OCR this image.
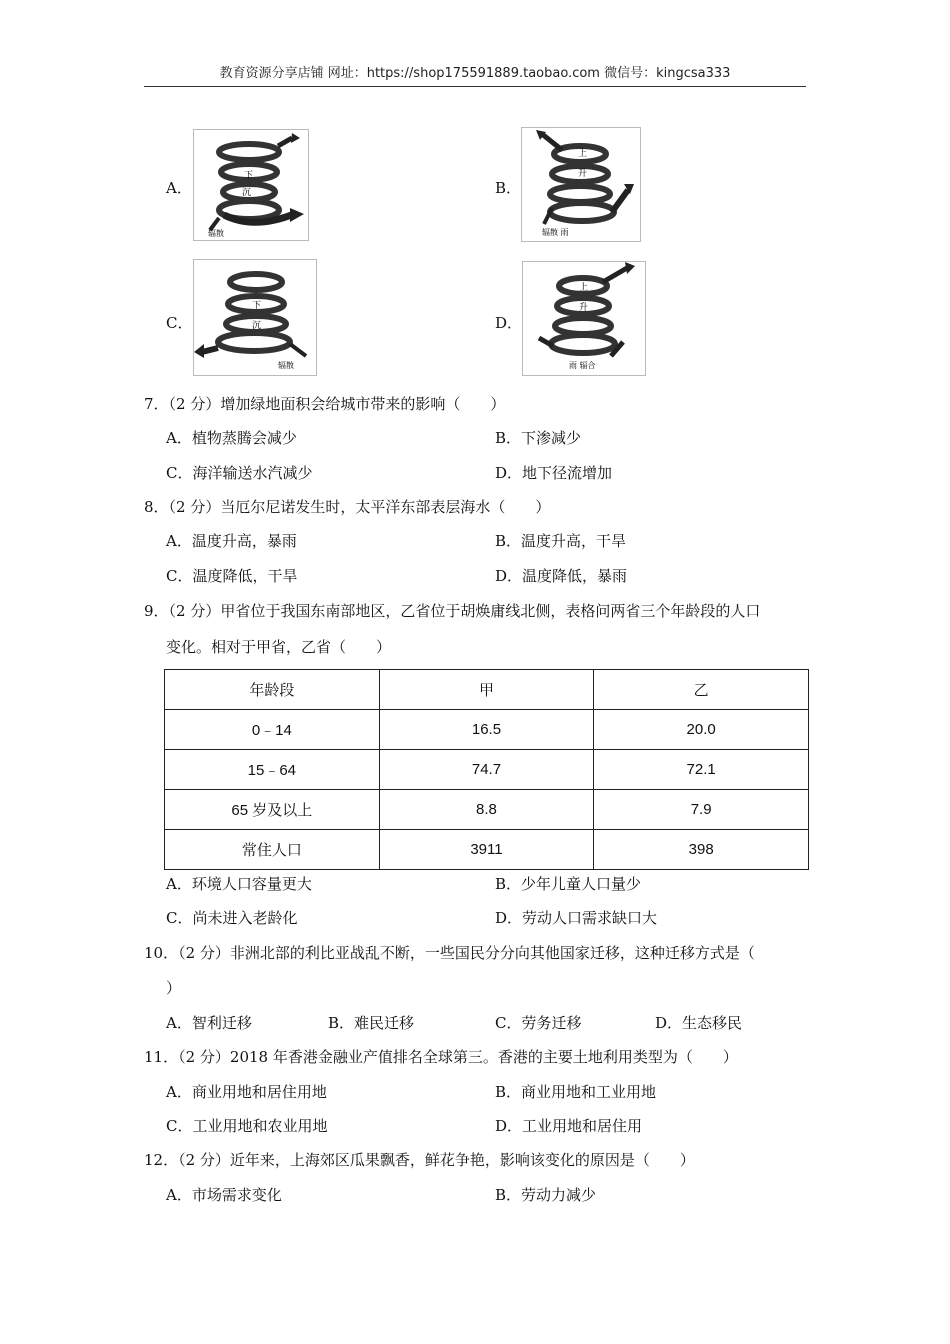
教育资源分享店铺 网址：https://shop175591889.taobao.com 微信号：kingcsa333
A．
下
沉
辐散
B．
上
升
辐散 雨
C．
下
沉
辐散
D．
上
升
雨 辐合
7．（2 分）增加绿地面积会给城市带来的影响（　　）
A．植物蒸腾会减少	B．下渗减少
C．海洋输送水汽减少	D．地下径流增加
8．（2 分）当厄尔尼诺发生时，太平洋东部表层海水（　　）
A．温度升高，暴雨	B．温度升高，干旱
C．温度降低，干旱	D．温度降低，暴雨
9．（2 分）甲省位于我国东南部地区，乙省位于胡焕庸线北侧，表格问两省三个年龄段的人口
变化。相对于甲省，乙省（　　）
年龄段	甲	乙
0﹣14	16.5	20.0
15﹣64	74.7	72.1
65 岁及以上	8.8	7.9
常住人口	3911	398
A．环境人口容量更大	B．少年儿童人口量少
C．尚未进入老龄化	D．劳动人口需求缺口大
10．（2 分）非洲北部的利比亚战乱不断，一些国民分分向其他国家迁移，这种迁移方式是（
）
A．智利迁移	B．难民迁移	C．劳务迁移	D．生态移民
11．（2 分）2018 年香港金融业产值排名全球第三。香港的主要土地利用类型为（　　）
A．商业用地和居住用地	B．商业用地和工业用地
C．工业用地和农业用地	D．工业用地和居住用
12．（2 分）近年来，上海郊区瓜果飘香，鲜花争艳，影响该变化的原因是（　　）
A．市场需求变化	B．劳动力减少
